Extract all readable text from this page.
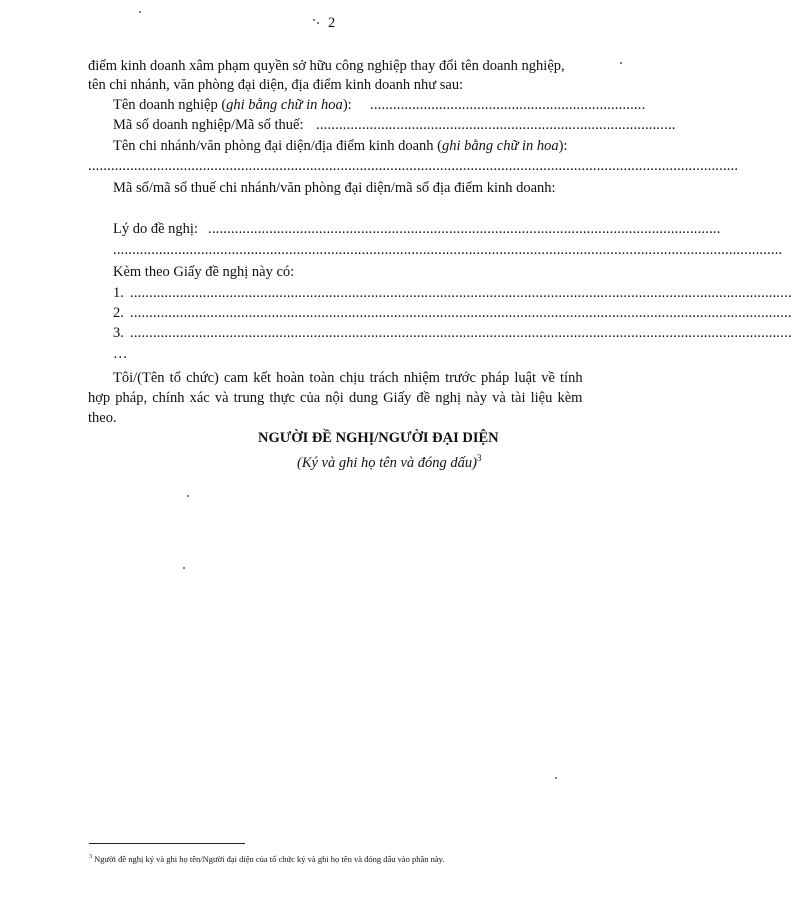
2
điểm kinh doanh xâm phạm quyền sở hữu công nghiệp thay đổi tên doanh nghiệp,
tên chi nhánh, văn phòng đại diện, địa điểm kinh doanh như sau:
Tên doanh nghiệp (ghi bằng chữ in hoa): ........................................................................
Mã số doanh nghiệp/Mã số thuế: ..............................................................................................
Tên chi nhánh/văn phòng đại diện/địa điểm kinh doanh (ghi bằng chữ in hoa):
..........................................................................................................................................................................
Mã số/mã số thuế chi nhánh/văn phòng đại diện/mã số địa điểm kinh doanh:
Lý do đề nghị: ......................................................................................................................................
...............................................................................................................................................................................
Kèm theo Giấy đề nghị này có:
1. .............................................................................................................................................................................
2. .............................................................................................................................................................................
3. .............................................................................................................................................................................
…
Tôi/(Tên tổ chức) cam kết hoàn toàn chịu trách nhiệm trước pháp luật về tính
hợp pháp, chính xác và trung thực của nội dung Giấy đề nghị này và tài liệu kèm
theo.
NGƯỜI ĐỀ NGHỊ/NGƯỜI ĐẠI DIỆN
(Ký và ghi họ tên và đóng dấu)$^3$
$^3$ Người đề nghị ký và ghi họ tên/Người đại diện của tổ chức ký và ghi họ tên và đóng dấu vào phần này.
